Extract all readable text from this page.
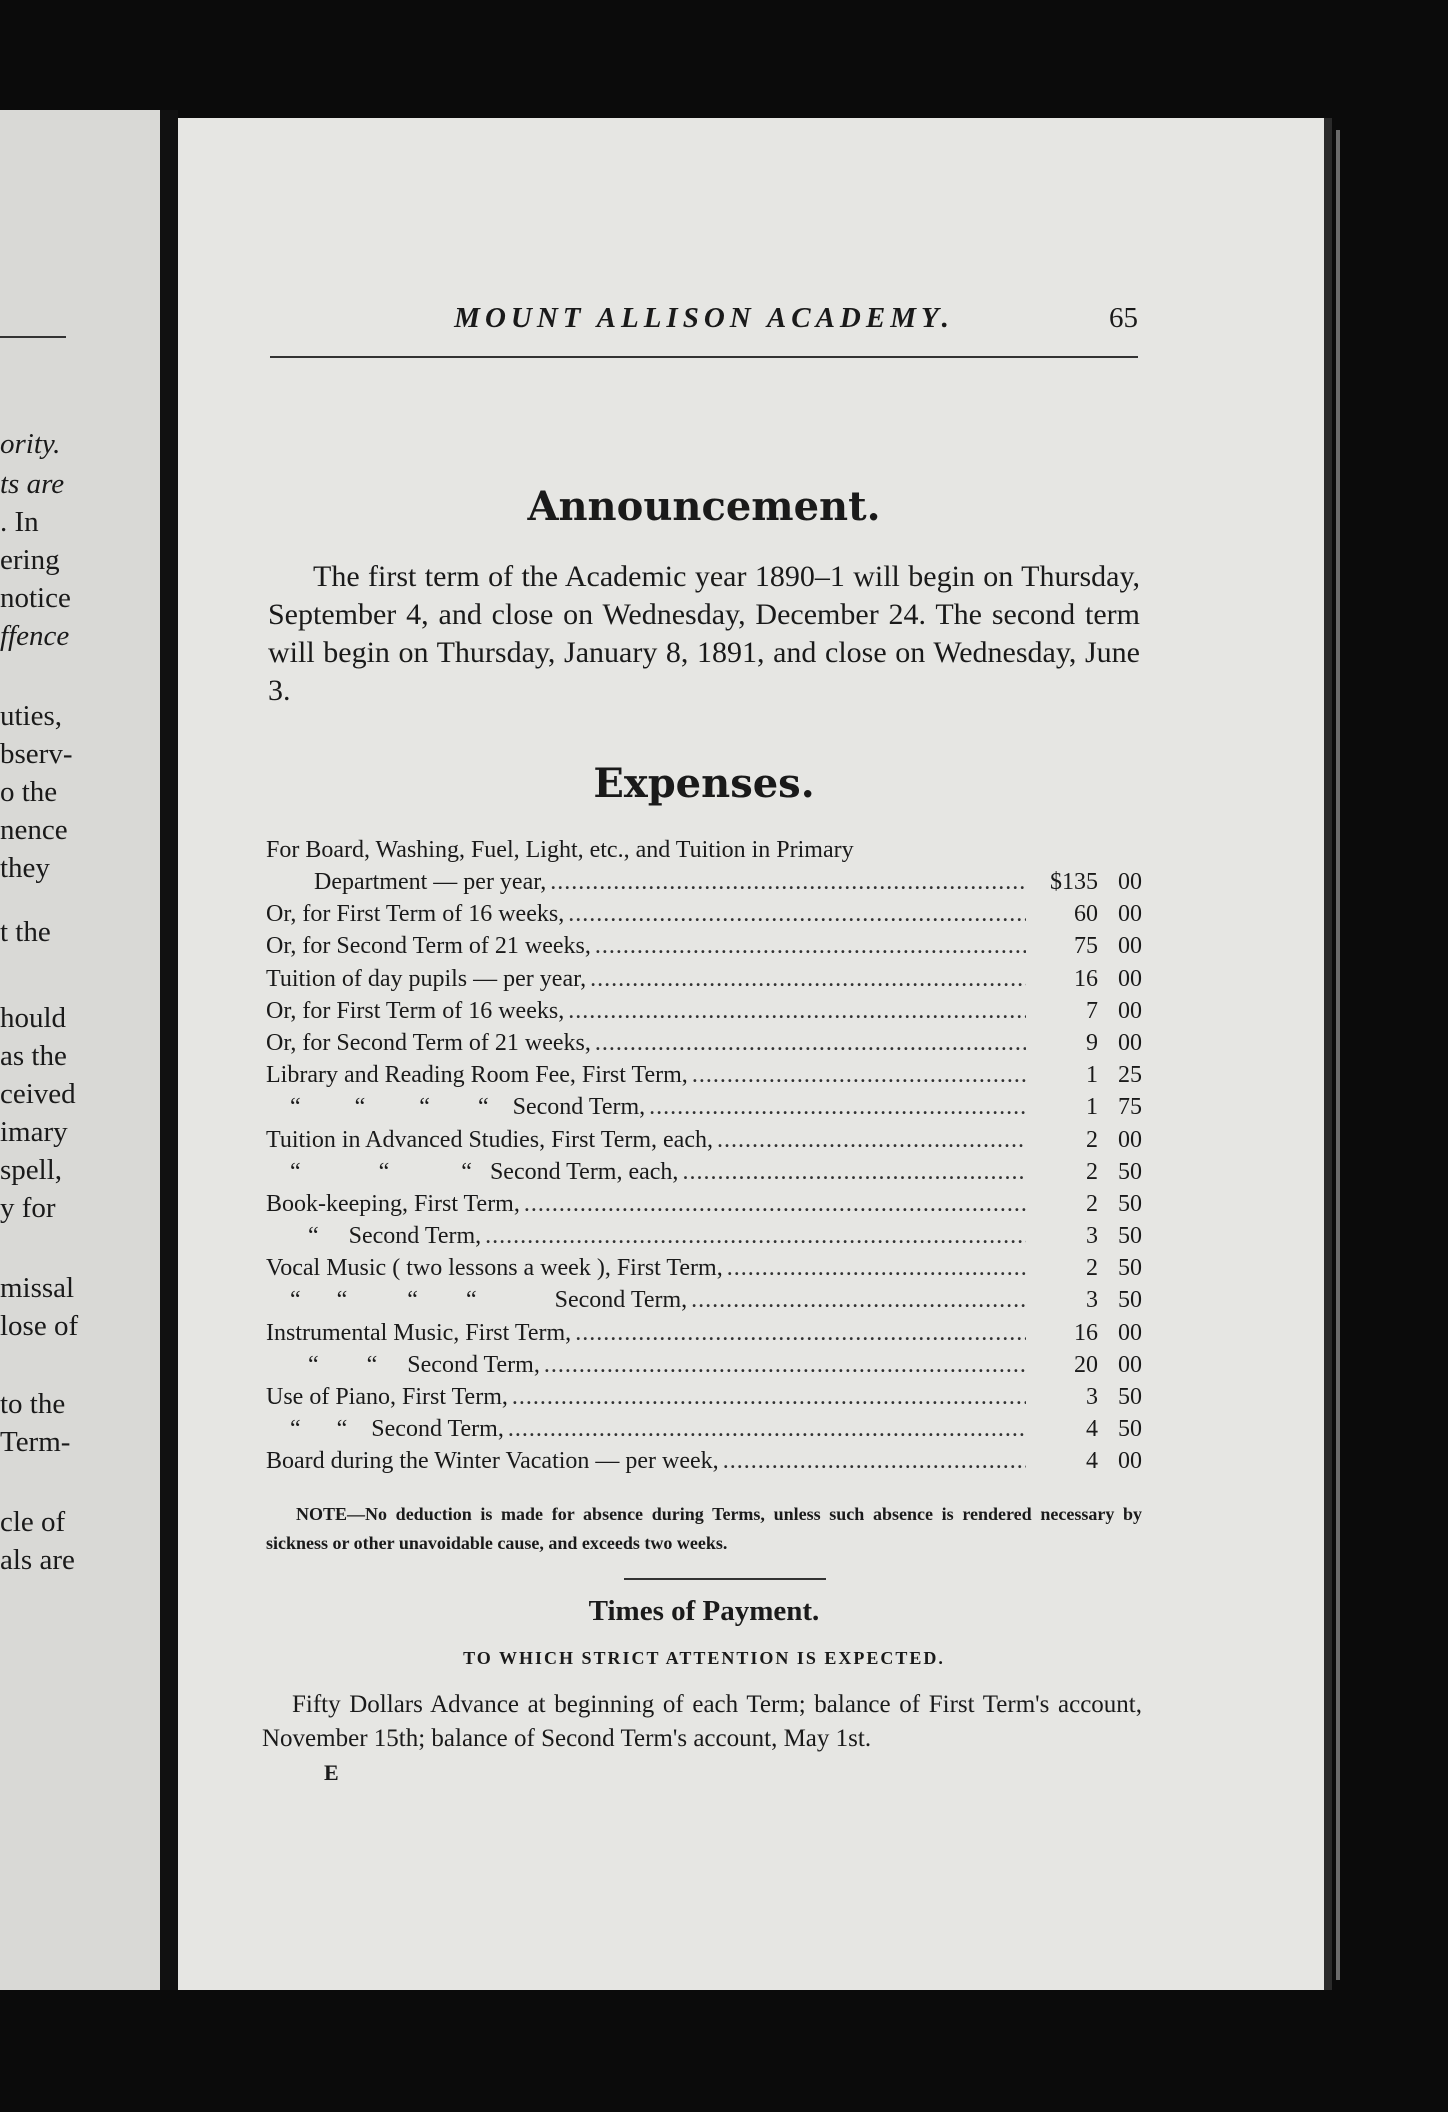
ority.
ts are
. In
ering
notice
ffence
uties,
bserv-
o the
nence
they
t the
hould
as the
ceived
imary
spell,
y for
missal
lose of
to the
Term-
cle of
als are
MOUNT ALLISON ACADEMY.	65
Announcement.
The first term of the Academic year 1890–1 will begin on Thursday, September 4, and close on Wednesday, December 24. The second term will begin on Thursday, January 8, 1891, and close on Wednesday, June 3.
Expenses.
For Board, Washing, Fuel, Light, etc., and Tuition in Primary
Department — per year, .....	$135 00
Or, for First Term of 16 weeks, .....	60 00
Or, for Second Term of 21 weeks, .....	75 00
Tuition of day pupils — per year, .....	16 00
Or, for First Term of 16 weeks, .....	7 00
Or, for Second Term of 21 weeks, .....	9 00
Library and Reading Room Fee, First Term, .....	1 25
“         “         “        “    Second Term, .....	1 75
Tuition in Advanced Studies, First Term, each, .....	2 00
“             “            “   Second Term, each, .....	2 50
Book-keeping, First Term, .....	2 50
“     Second Term, .....	3 50
Vocal Music ( two lessons a week ), First Term, .....	2 50
“      “          “        “             Second Term, .....	3 50
Instrumental Music, First Term, .....	16 00
“        “     Second Term, .....	20 00
Use of Piano, First Term, .....	3 50
“      “    Second Term, .....	4 50
Board during the Winter Vacation — per week, .....	4 00
NOTE—No deduction is made for absence during Terms, unless such absence is rendered necessary by sickness or other unavoidable cause, and exceeds two weeks.
Times of Payment.
TO WHICH STRICT ATTENTION IS EXPECTED.
Fifty Dollars Advance at beginning of each Term; balance of First Term's account, November 15th; balance of Second Term's account, May 1st.
E
